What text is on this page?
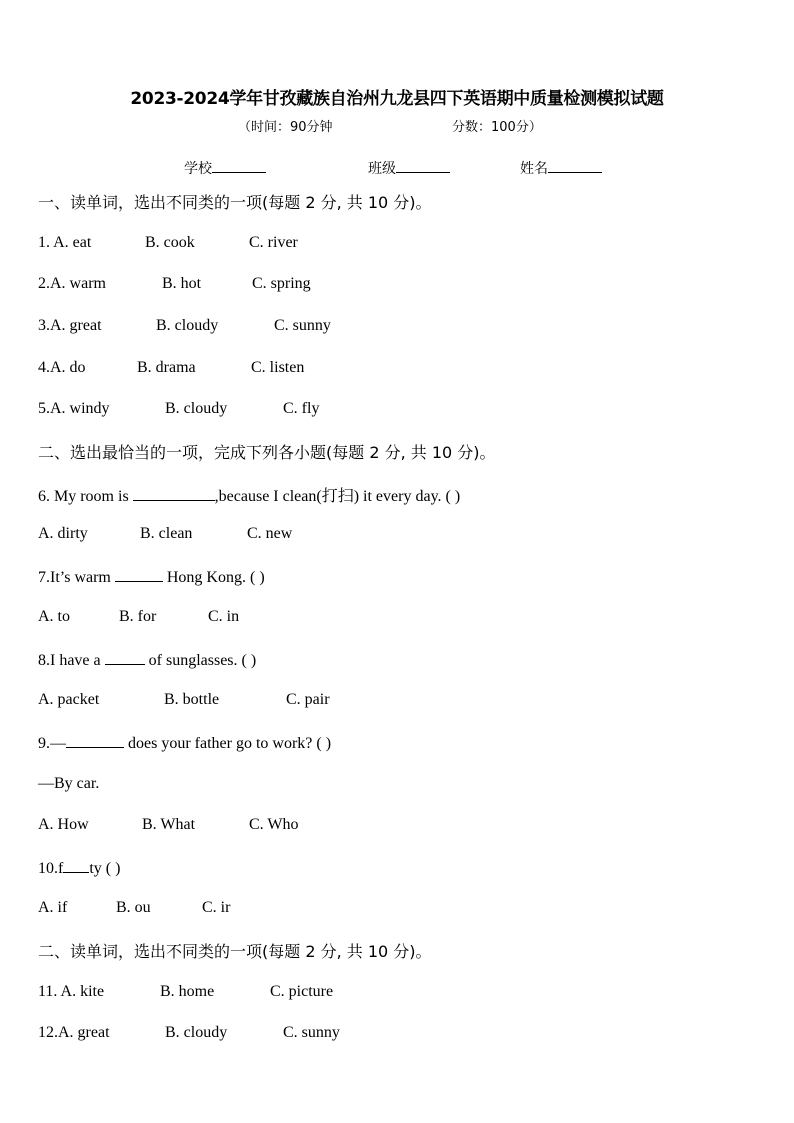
2023-2024学年甘孜藏族自治州九龙县四下英语期中质量检测模拟试题
（时间：90分钟	分数：100分）
学校	班级	姓名
一、读单词，选出不同类的一项(每题 2 分, 共 10 分)。
1. A. eat	B. cook	C. river
2.A. warm	B. hot	C. spring
3.A. great	B. cloudy	C. sunny
4.A. do	B. drama	C. listen
5.A. windy	B. cloudy	C. fly
二、选出最恰当的一项，完成下列各小题(每题 2 分, 共 10 分)。
6. My room is	,because I clean(打扫) it every day. ( )
A. dirty	B. clean	C. new
7.It’s warm	Hong Kong. ( )
A. to	B. for	C. in
8.I have a	of sunglasses. ( )
A. packet	B. bottle	C. pair
9.—	does your father go to work? ( )
—By car.
A. How	B. What	C. Who
10.f ty ( )
A. if	B. ou	C. ir
二、读单词，选出不同类的一项(每题 2 分, 共 10 分)。
11. A. kite	B. home	C. picture
12.A. great	B. cloudy	C. sunny
